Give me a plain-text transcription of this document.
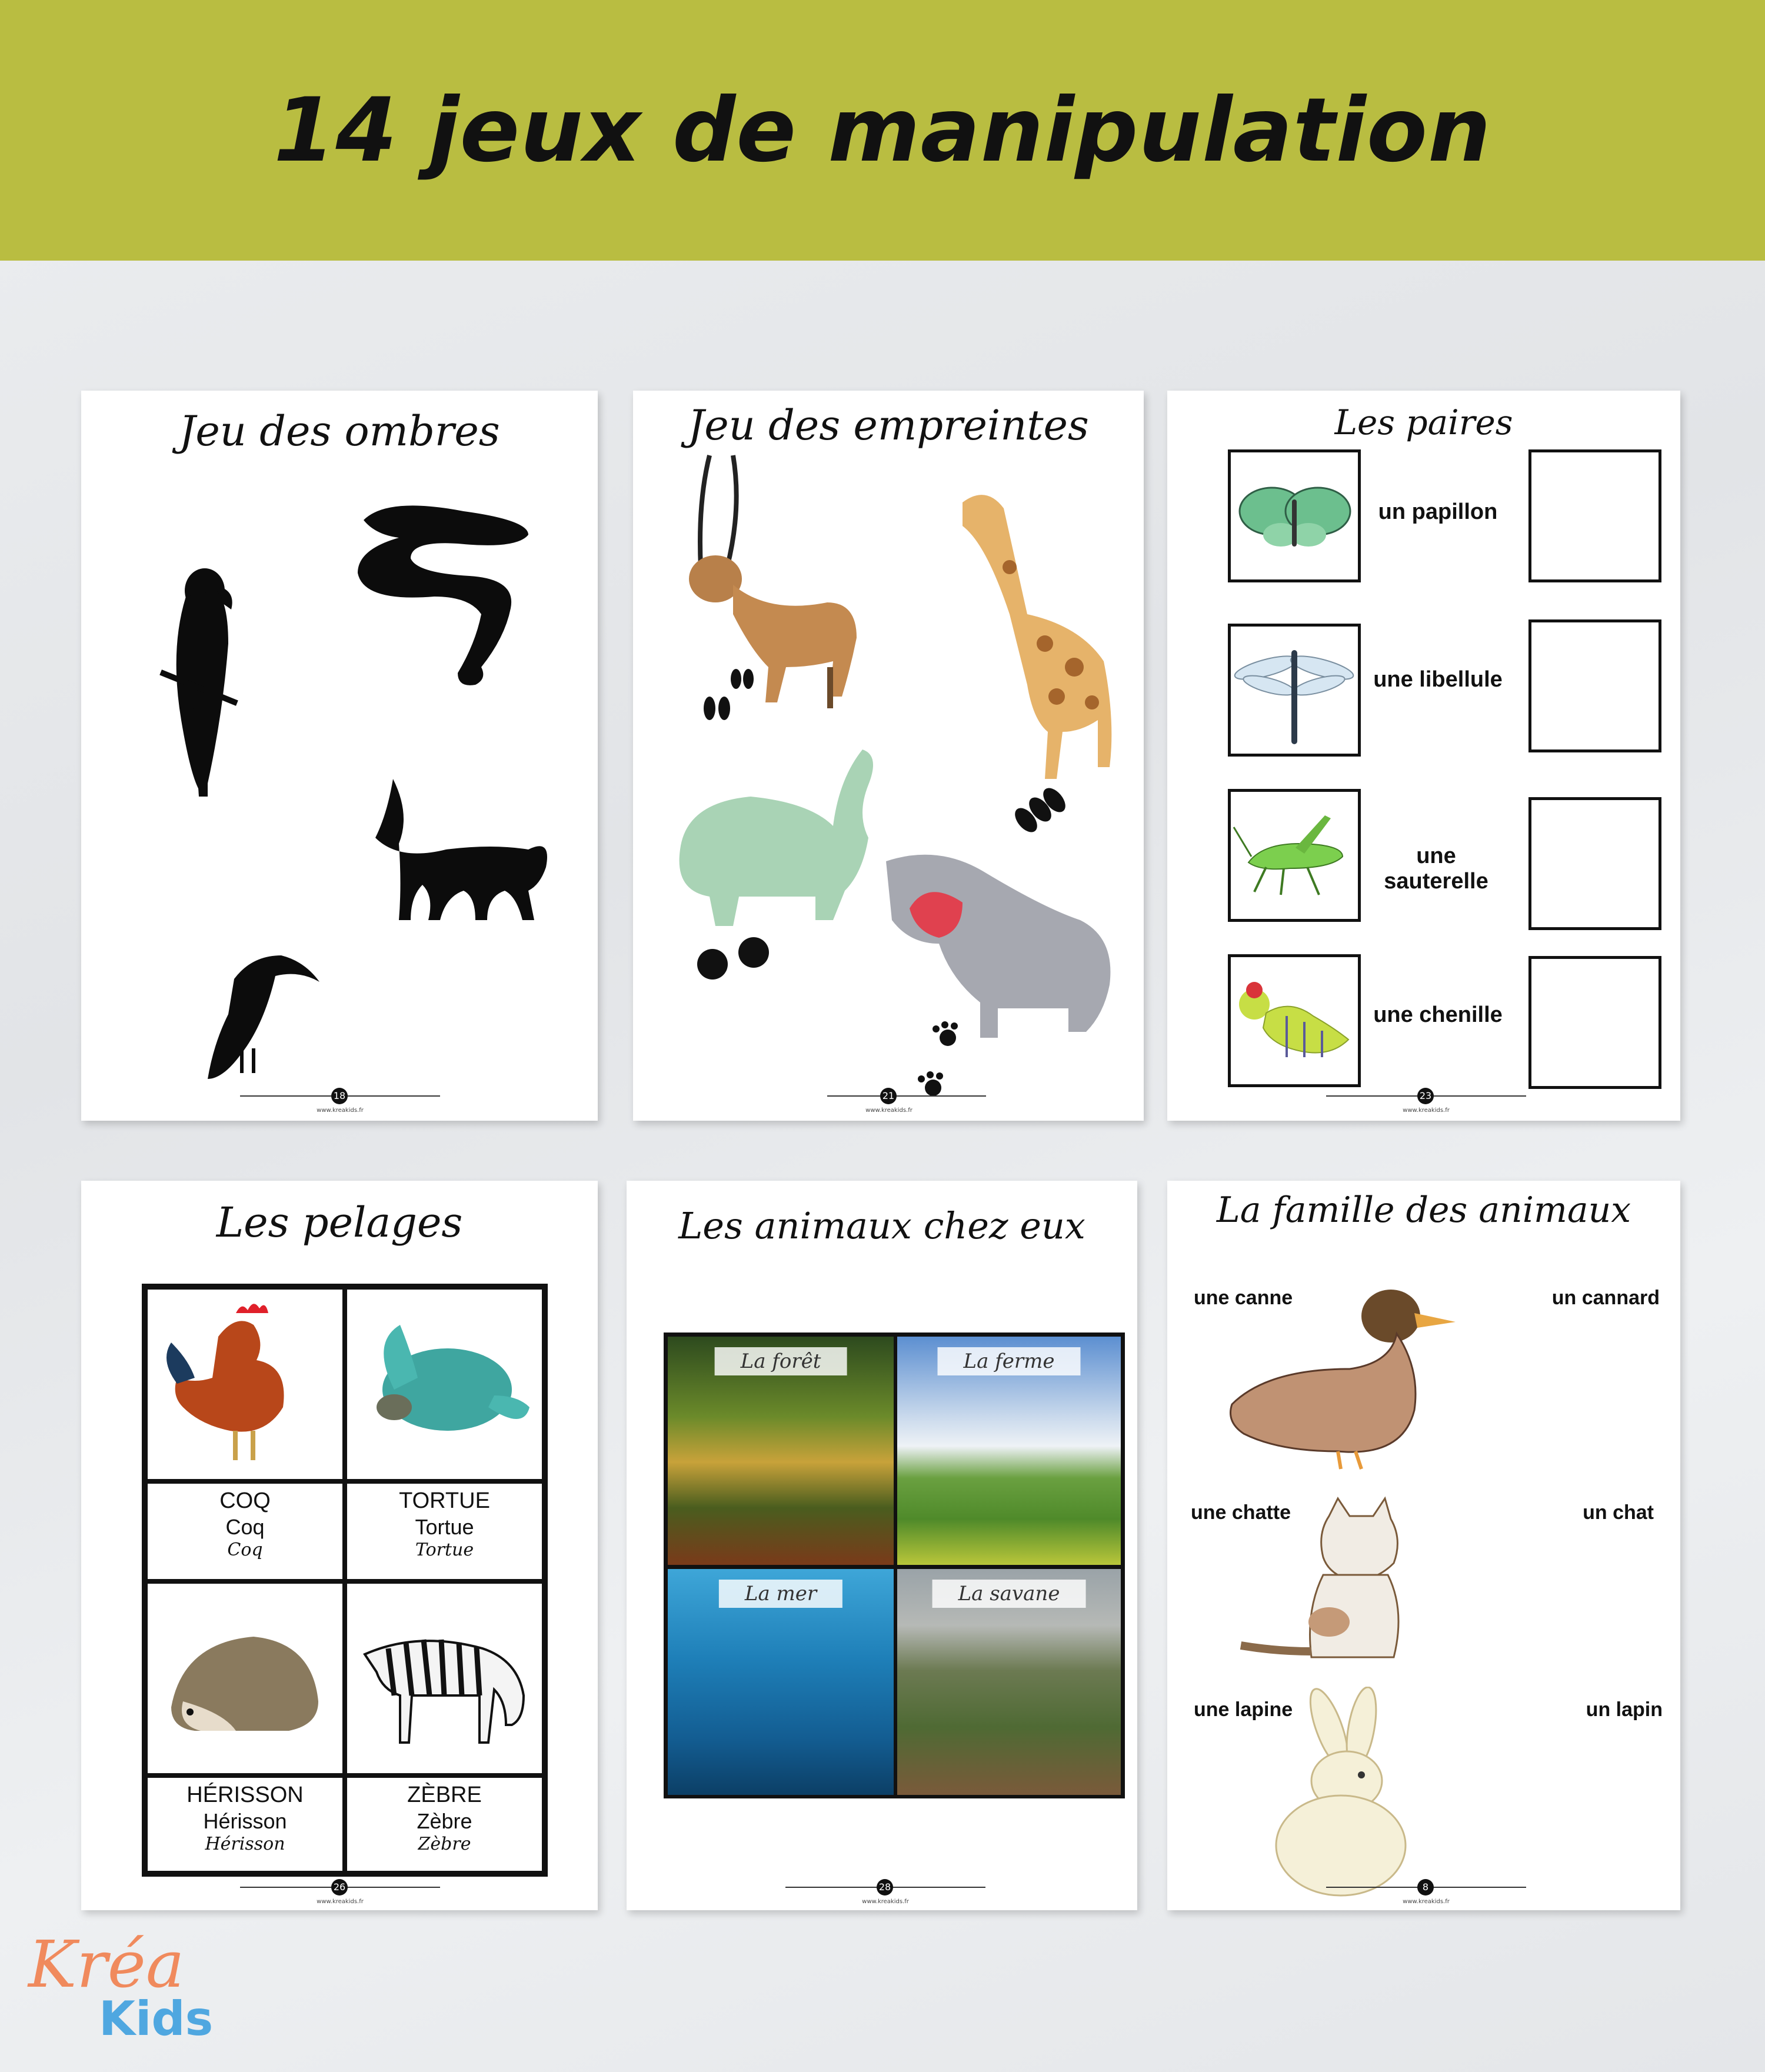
14 jeux de manipulation
Jeu des ombres
18
www.kreakids.fr
Jeu des empreintes
21
www.kreakids.fr
Les paires
un papillon
une libellule
une sauterelle
une chenille
23
www.kreakids.fr
Les pelages
COQ
Coq
Coq
TORTUE
Tortue
Tortue
HÉRISSON
Hérisson
Hérisson
ZÈBRE
Zèbre
Zèbre
26
www.kreakids.fr
Les animaux chez eux
La forêt	La ferme
La mer	La savane
28
www.kreakids.fr
La famille des animaux
une canne	un cannard
une chatte	un chat
une lapine	un lapin
8
www.kreakids.fr
Kréa
Kids
